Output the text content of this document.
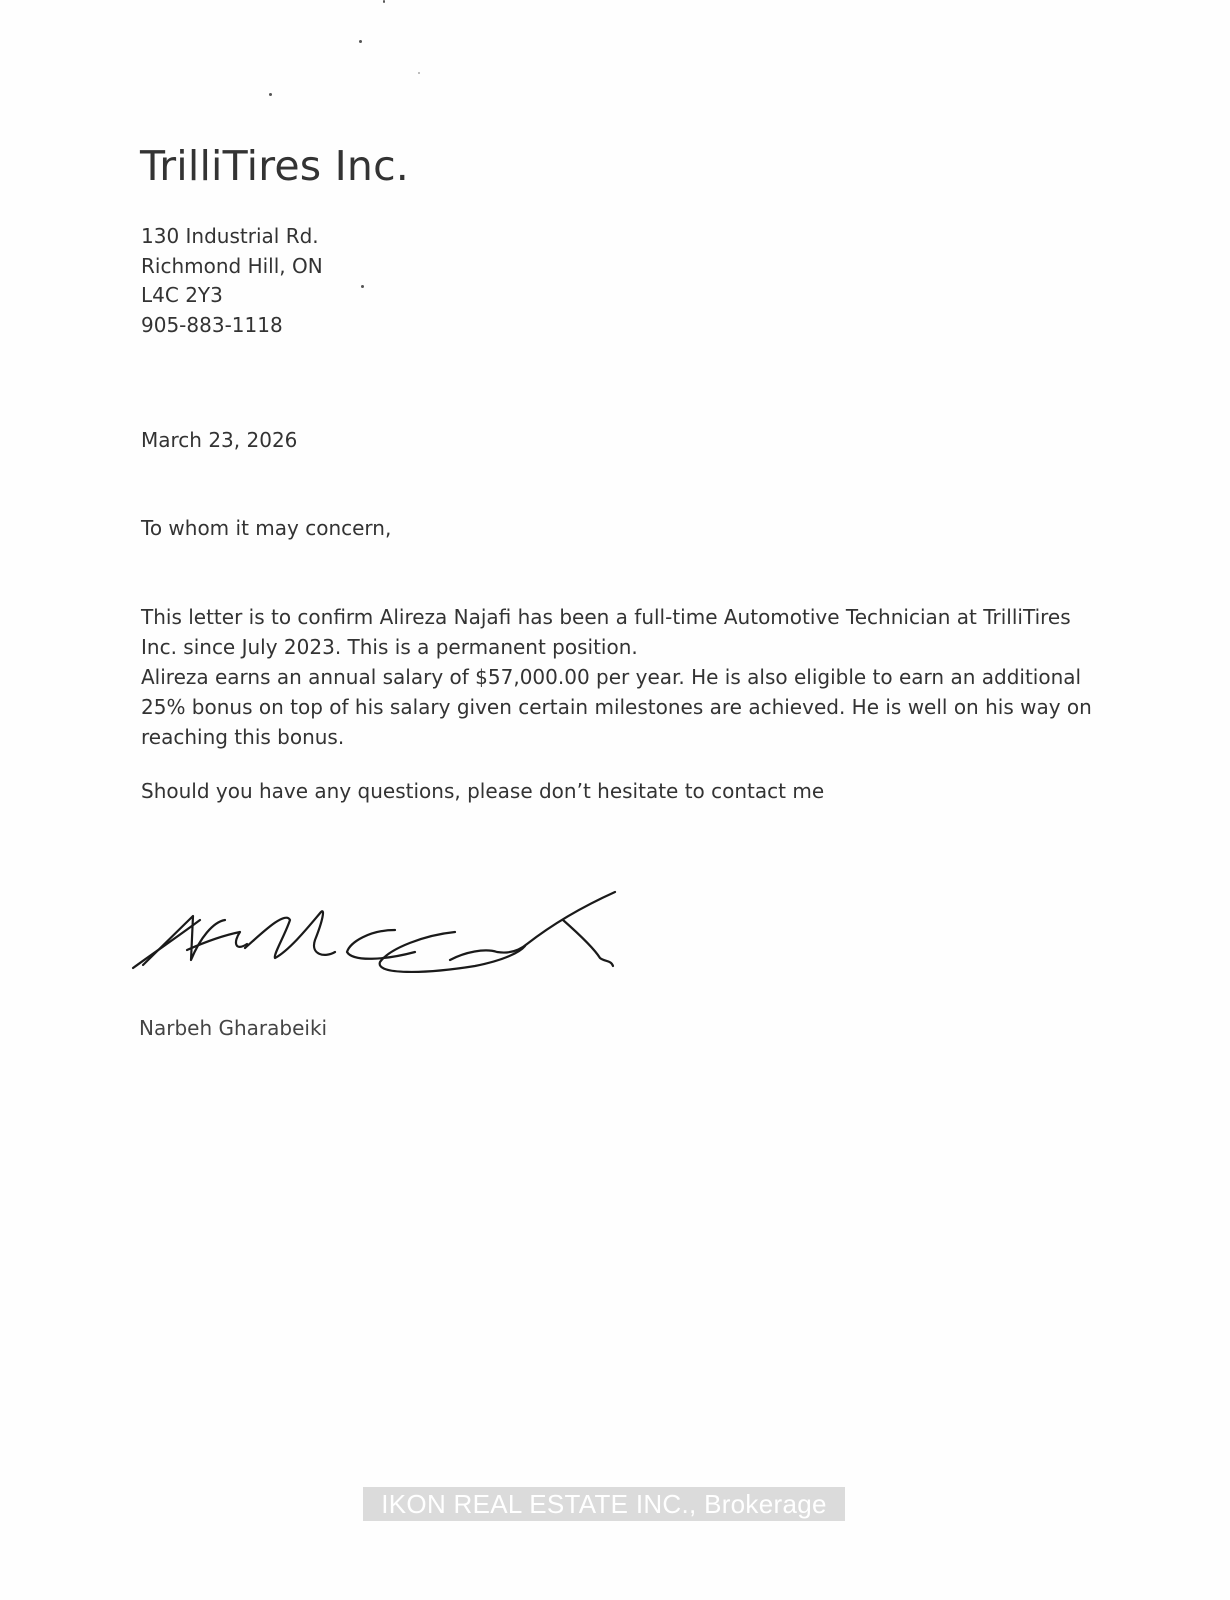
TrilliTires Inc.
130 Industrial Rd.
Richmond Hill, ON
L4C 2Y3
905-883-1118
March 23, 2026
To whom it may concern,
This letter is to confirm Alireza Najafi has been a full-time Automotive Technician at TrilliTires
Inc. since July 2023. This is a permanent position.
Alireza earns an annual salary of $57,000.00 per year. He is also eligible to earn an additional
25% bonus on top of his salary given certain milestones are achieved. He is well on his way on
reaching this bonus.
Should you have any questions, please don’t hesitate to contact me
Narbeh Gharabeiki
IKON REAL ESTATE INC., Brokerage
